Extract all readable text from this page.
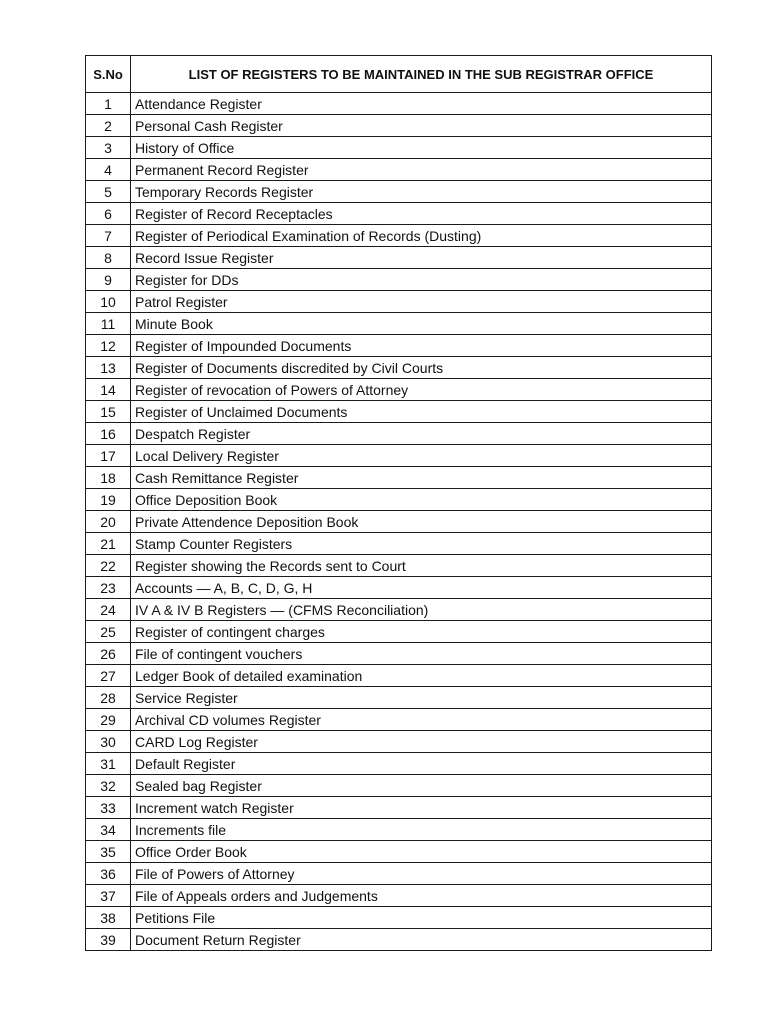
S.No	LIST OF REGISTERS TO BE MAINTAINED IN THE SUB REGISTRAR OFFICE
1	Attendance Register
2	Personal Cash Register
3	History of Office
4	Permanent Record Register
5	Temporary Records Register
6	Register of Record Receptacles
7	Register of Periodical Examination of Records (Dusting)
8	Record Issue Register
9	Register for DDs
10	Patrol Register
11	Minute Book
12	Register of Impounded Documents
13	Register of Documents discredited by Civil Courts
14	Register of revocation of Powers of Attorney
15	Register of Unclaimed Documents
16	Despatch Register
17	Local Delivery Register
18	Cash Remittance Register
19	Office Deposition Book
20	Private Attendence Deposition Book
21	Stamp Counter Registers
22	Register showing the Records sent to Court
23	Accounts — A, B, C, D, G, H
24	IV A & IV B Registers — (CFMS Reconciliation)
25	Register of contingent charges
26	File of contingent vouchers
27	Ledger Book of detailed examination
28	Service Register
29	Archival CD volumes Register
30	CARD Log Register
31	Default Register
32	Sealed bag Register
33	Increment watch Register
34	Increments file
35	Office Order Book
36	File of Powers of Attorney
37	File of Appeals orders and Judgements
38	Petitions File
39	Document Return Register
